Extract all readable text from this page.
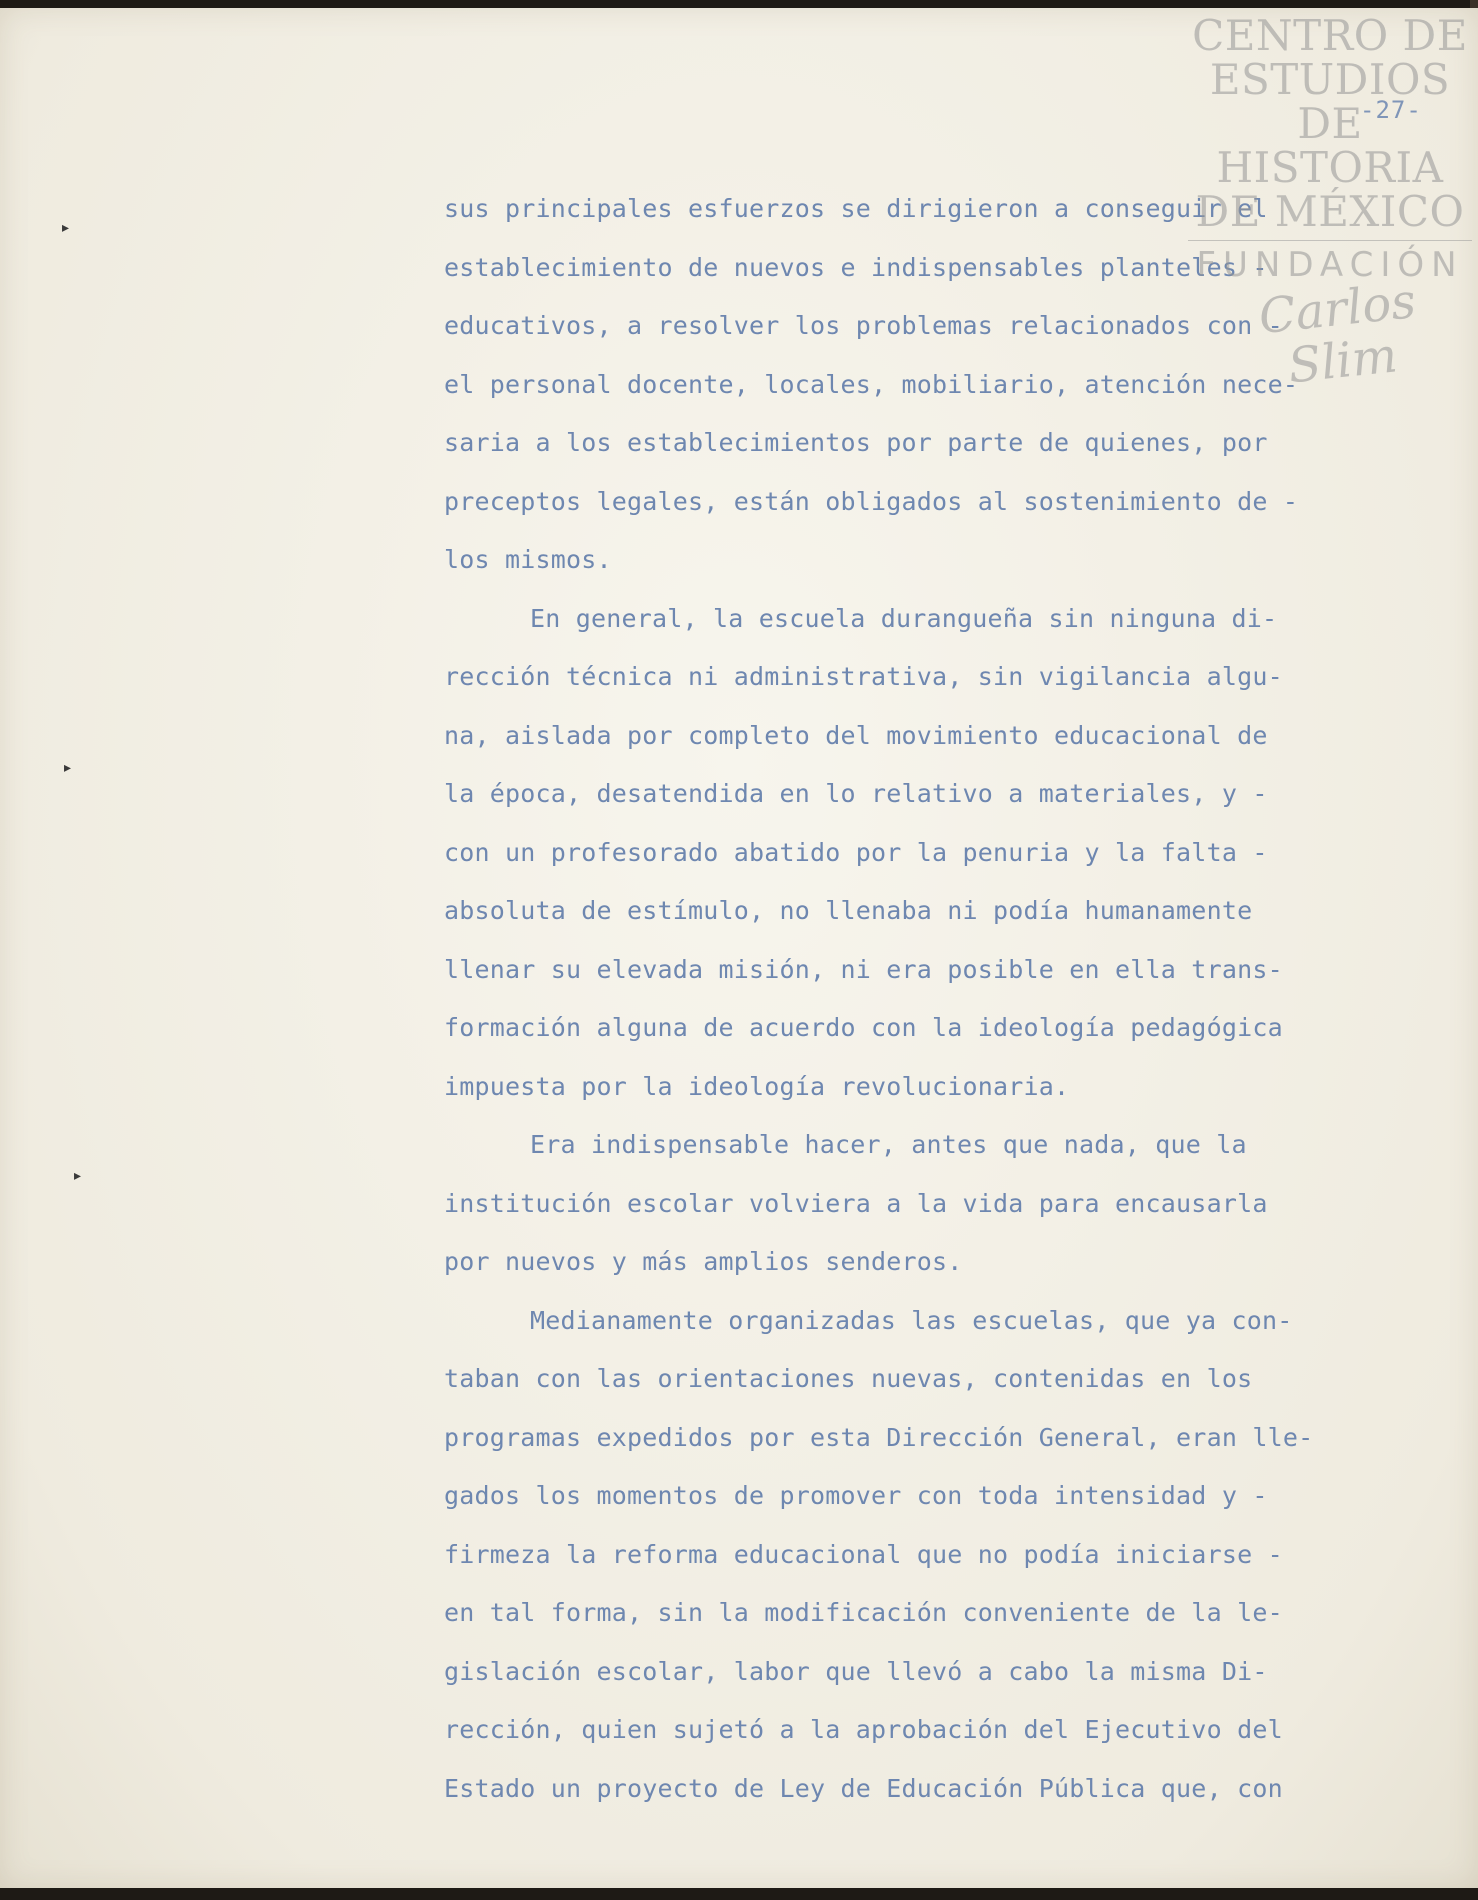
▸
▸
▸
-27-
sus principales esfuerzos se dirigieron a conseguir el
establecimiento de nuevos e indispensables planteles -
educativos, a resolver los problemas relacionados con -
el personal docente, locales, mobiliario, atención nece-
saria a los establecimientos por parte de quienes, por
preceptos legales, están obligados al sostenimiento de -
los mismos.
En general, la escuela durangueña sin ninguna di-
rección técnica ni administrativa, sin vigilancia algu-
na, aislada por completo del movimiento educacional de
la época, desatendida en lo relativo a materiales, y -
con un profesorado abatido por la penuria y la falta -
absoluta de estímulo, no llenaba ni podía humanamente
llenar su elevada misión, ni era posible en ella trans-
formación alguna de acuerdo con la ideología pedagógica
impuesta por la ideología revolucionaria.
Era indispensable hacer, antes que nada, que la
institución escolar volviera a la vida para encausarla
por nuevos y más amplios senderos.
Medianamente organizadas las escuelas, que ya con-
taban con las orientaciones nuevas, contenidas en los
programas expedidos por esta Dirección General, eran lle-
gados los momentos de promover con toda intensidad y -
firmeza la reforma educacional que no podía iniciarse -
en tal forma, sin la modificación conveniente de la le-
gislación escolar, labor que llevó a cabo la misma Di-
rección, quien sujetó a la aprobación del Ejecutivo del
Estado un proyecto de Ley de Educación Pública que, con
CENTRO DE
ESTUDIOS
DE HISTORIA
DE MÉXICO
FUNDACIÓN
Carlos Slim
